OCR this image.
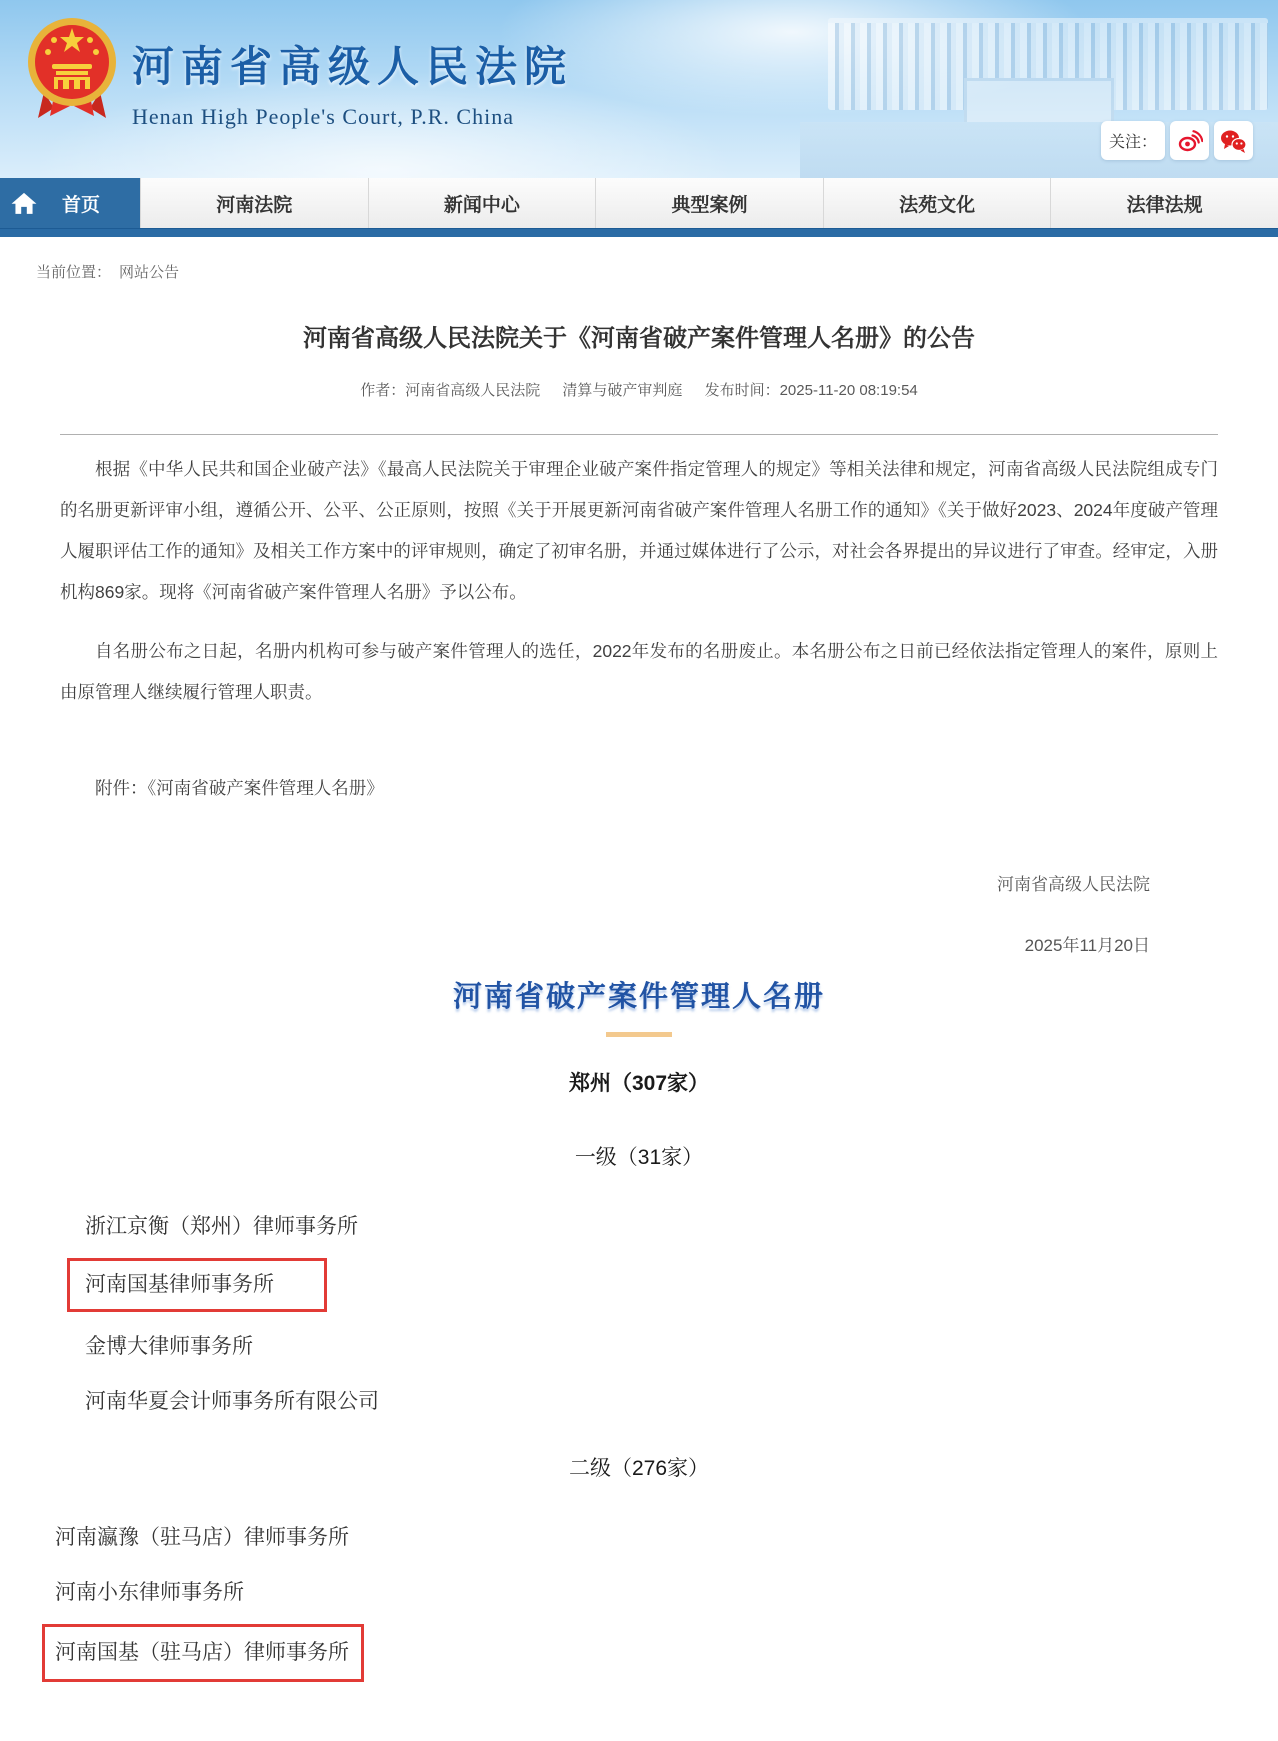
河南省高级人民法院
Henan High People's Court, P.R. China
关注：
首页	河南法院	新闻中心	典型案例	法苑文化	法律法规
当前位置： 网站公告
河南省高级人民法院关于《河南省破产案件管理人名册》的公告
作者：河南省高级人民法院 清算与破产审判庭 发布时间：2025-11-20 08:19:54

根据《中华人民共和国企业破产法》《最高人民法院关于审理企业破产案件指定管理人的规定》等相关法律和规定，河南省高级人民法院组成专门的名册更新评审小组，遵循公开、公平、公正原则，按照《关于开展更新河南省破产案件管理人名册工作的通知》《关于做好2023、2024年度破产管理人履职评估工作的通知》及相关工作方案中的评审规则，确定了初审名册，并通过媒体进行了公示，对社会各界提出的异议进行了审查。经审定，入册机构869家。现将《河南省破产案件管理人名册》予以公布。

自名册公布之日起，名册内机构可参与破产案件管理人的选任，2022年发布的名册废止。本名册公布之日前已经依法指定管理人的案件，原则上由原管理人继续履行管理人职责。

附件：《河南省破产案件管理人名册》

河南省高级人民法院
2025年11月20日
河南省破产案件管理人名册
郑州（307家）
一级（31家）
浙江京衡（郑州）律师事务所
河南国基律师事务所
金博大律师事务所
河南华夏会计师事务所有限公司
二级（276家）
河南瀛豫（驻马店）律师事务所
河南小东律师事务所
河南国基（驻马店）律师事务所
